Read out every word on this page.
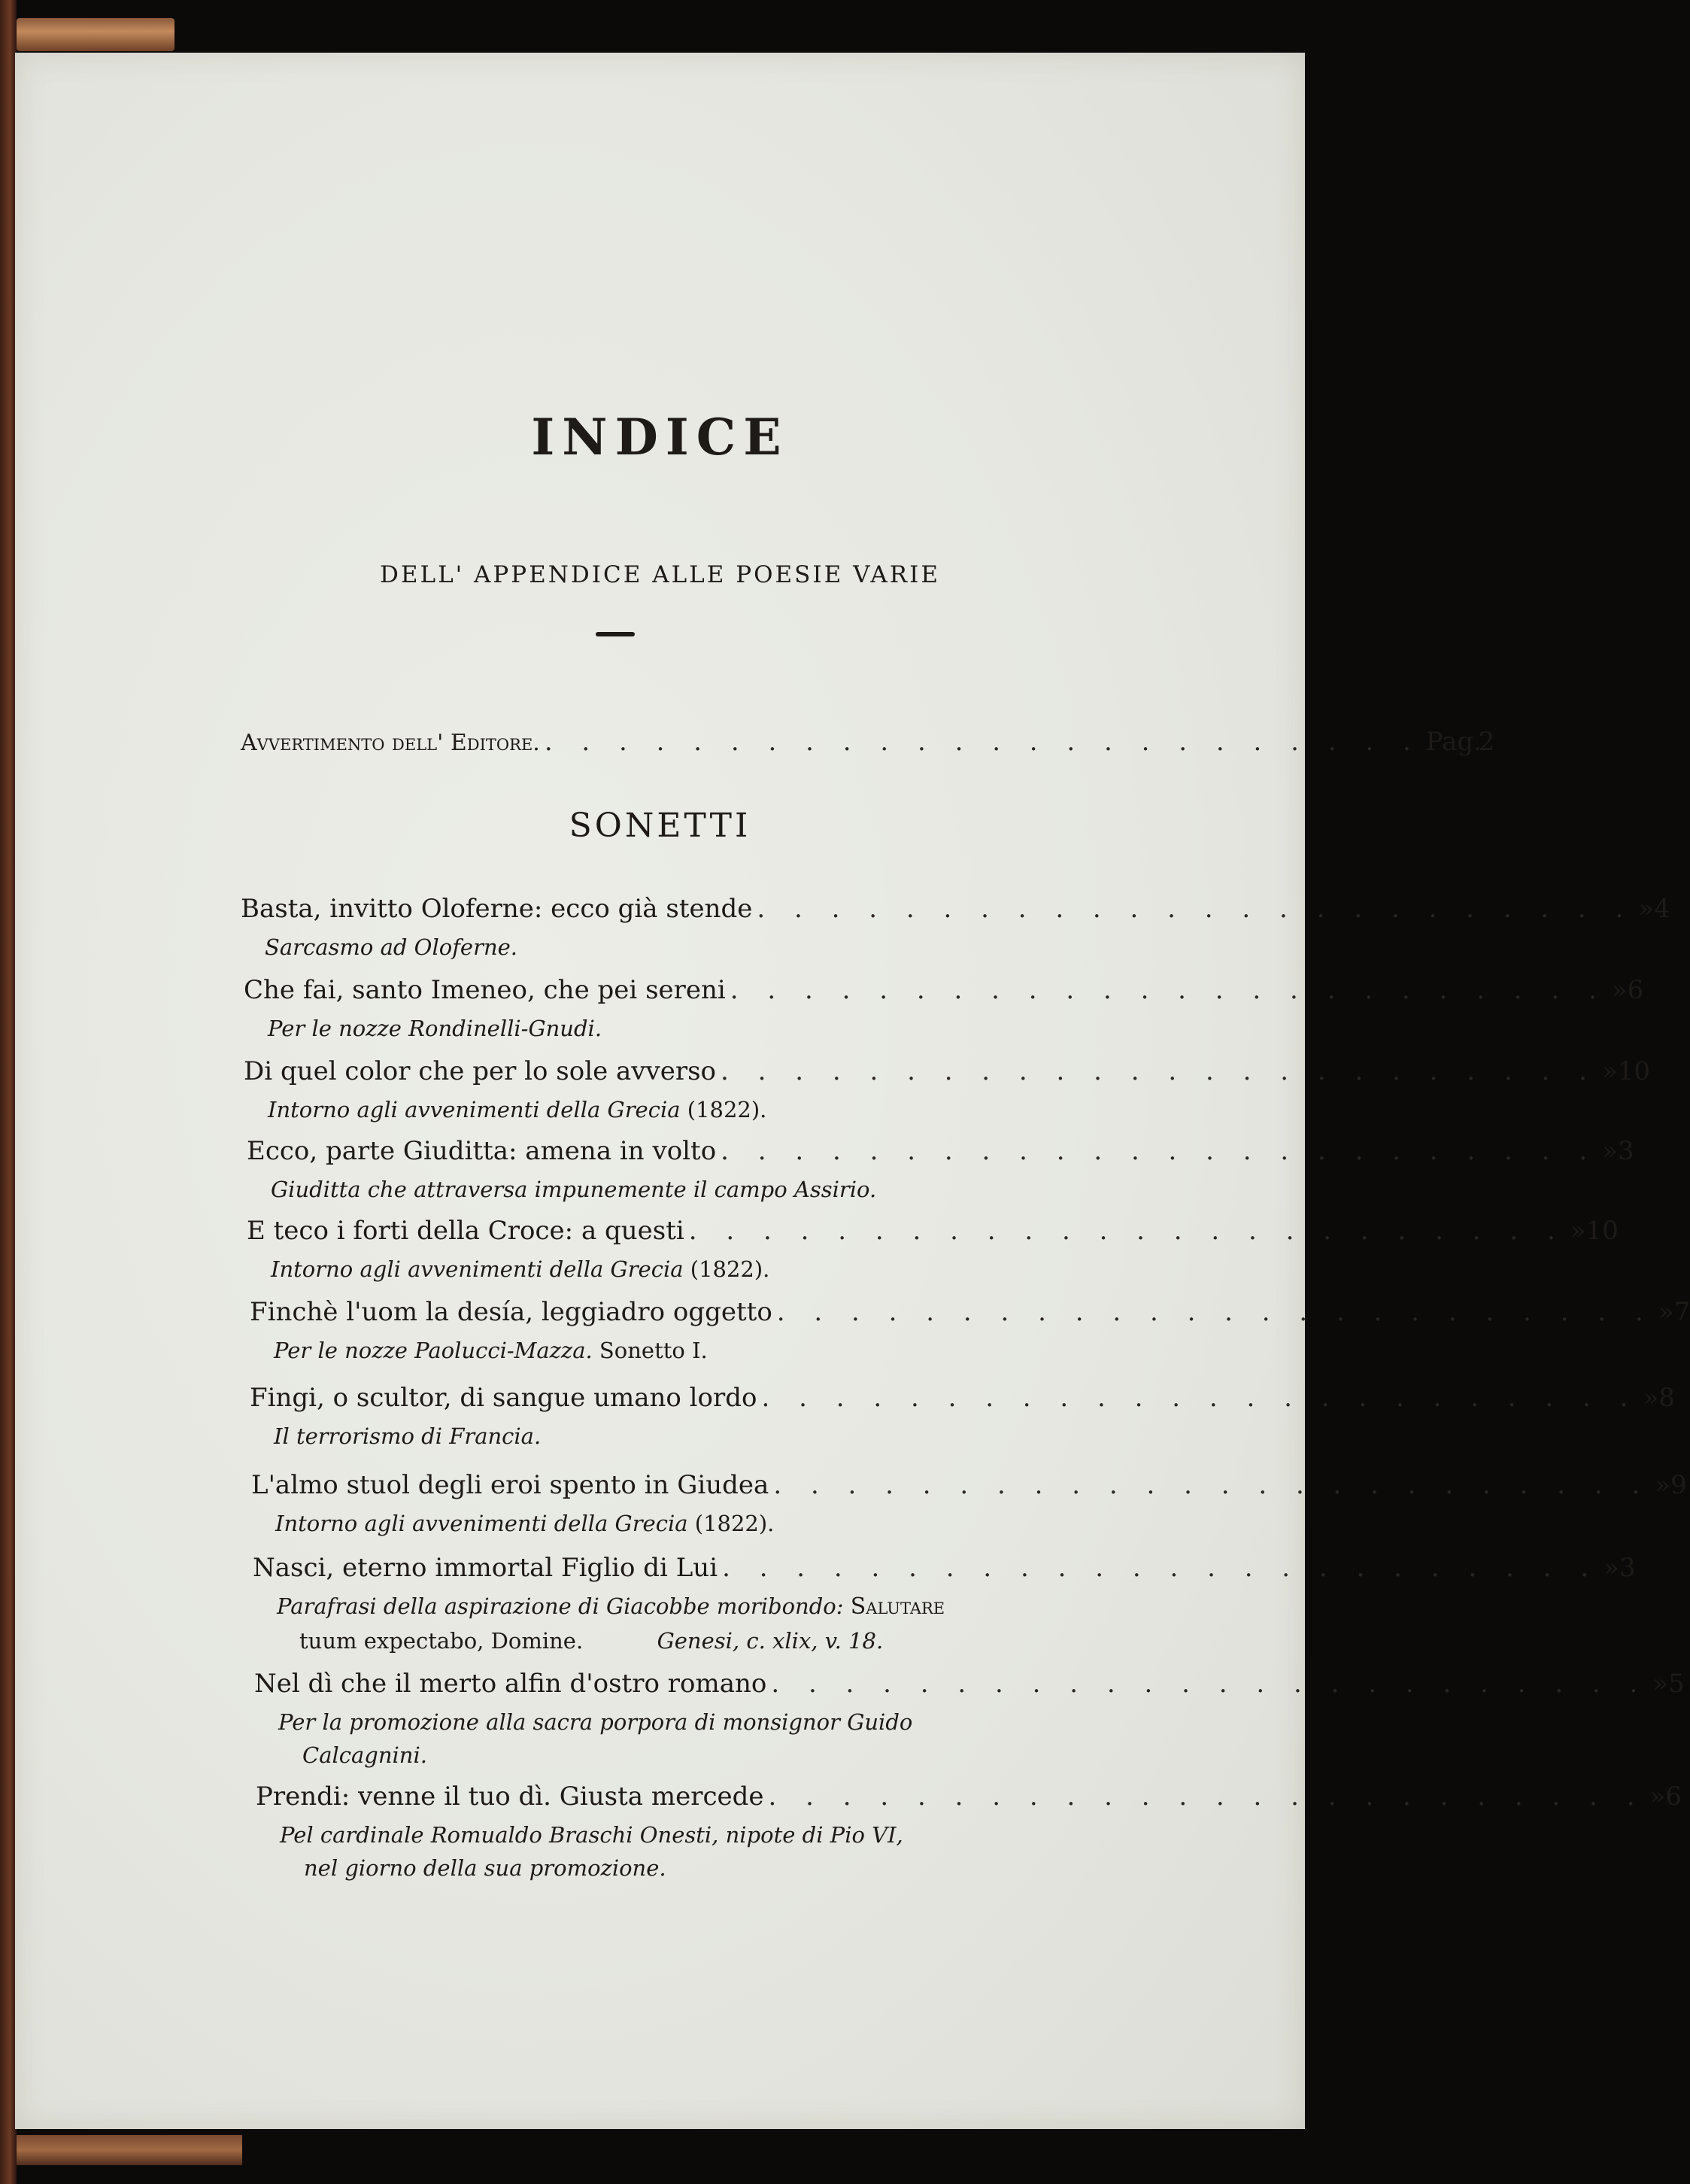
INDICE
DELL' APPENDICE ALLE POESIE VARIE
Avvertimento dell' Editore. . . . . . . . . . . . . . . . . . . . . . . . . Pag.
2
SONETTI
Basta, invitto Oloferne: ecco già stende . . . . . . . . . . . . . . . . . . . . . . . . » 4
Sarcasmo ad Oloferne.
Che fai, santo Imeneo, che pei sereni . . . . . . . . . . . . . . . . . . . . . . . . » 6
Per le nozze Rondinelli-Gnudi.
Di quel color che per lo sole avverso . . . . . . . . . . . . . . . . . . . . . . . . » 10
Intorno agli avvenimenti della Grecia (1822).
Ecco, parte Giuditta: amena in volto . . . . . . . . . . . . . . . . . . . . . . . . » 3
Giuditta che attraversa impunemente il campo Assirio.
E teco i forti della Croce: a questi . . . . . . . . . . . . . . . . . . . . . . . . » 10
Intorno agli avvenimenti della Grecia (1822).
Finchè l'uom la desía, leggiadro oggetto . . . . . . . . . . . . . . . . . . . . . . . . » 7
Per le nozze Paolucci-Mazza. Sonetto I.
Fingi, o scultor, di sangue umano lordo . . . . . . . . . . . . . . . . . . . . . . . . » 8
Il terrorismo di Francia.
L'almo stuol degli eroi spento in Giudea . . . . . . . . . . . . . . . . . . . . . . . . » 9
Intorno agli avvenimenti della Grecia (1822).
Nasci, eterno immortal Figlio di Lui . . . . . . . . . . . . . . . . . . . . . . . . » 3
Parafrasi della aspirazione di Giacobbe moribondo: Salutare
tuum expectabo, Domine.	Genesi, c. xlix, v. 18.
Nel dì che il merto alfin d'ostro romano . . . . . . . . . . . . . . . . . . . . . . . . » 5
Per la promozione alla sacra porpora di monsignor Guido
Calcagnini.
Prendi: venne il tuo dì. Giusta mercede . . . . . . . . . . . . . . . . . . . . . . . . » 6
Pel cardinale Romualdo Braschi Onesti, nipote di Pio VI,
nel giorno della sua promozione.
